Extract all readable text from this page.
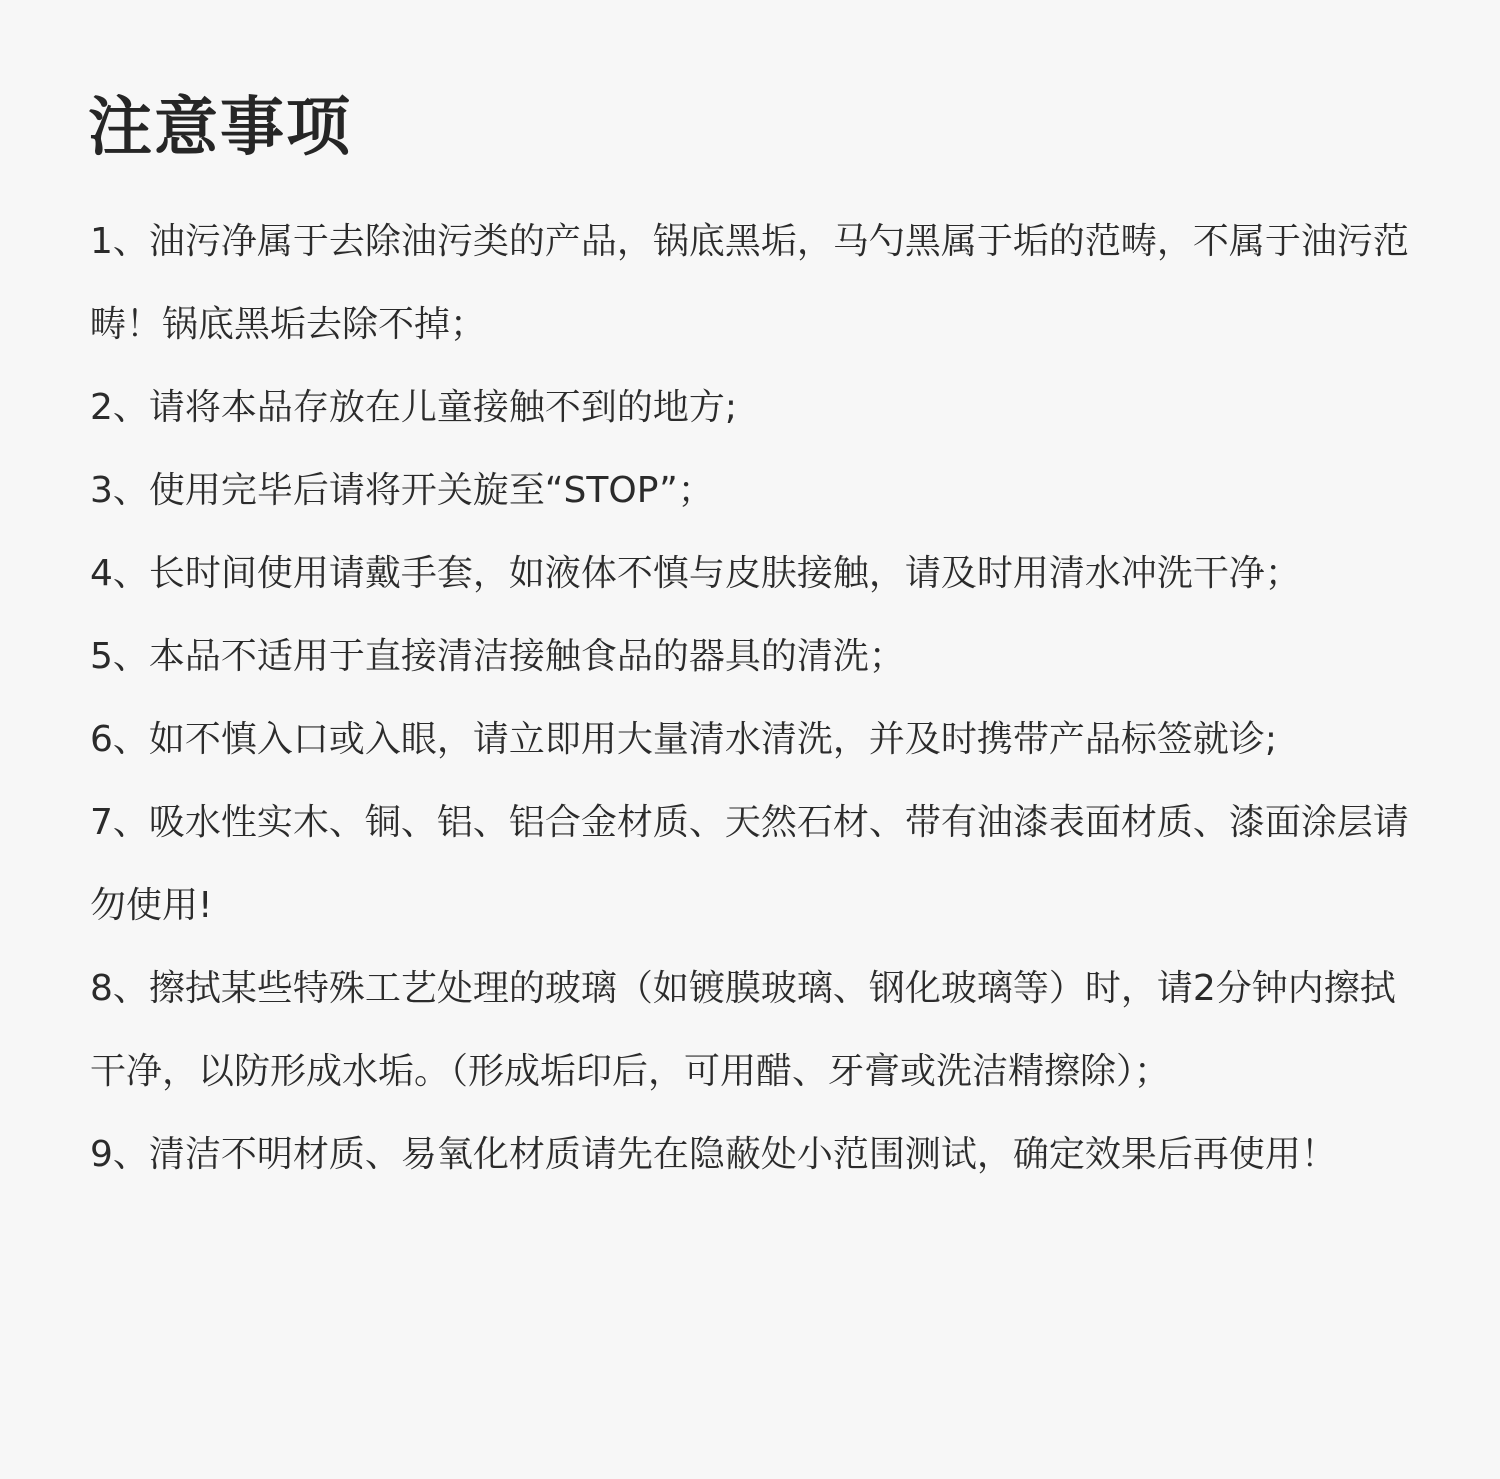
注意事项
1、油污净属于去除油污类的产品，锅底黑垢，马勺黑属于垢的范畴，不属于油污范畴！锅底黑垢去除不掉；
2、请将本品存放在儿童接触不到的地方;
3、使用完毕后请将开关旋至“STOP”；
4、长时间使用请戴手套，如液体不慎与皮肤接触，请及时用清水冲洗干净；
5、本品不适用于直接清洁接触食品的器具的清洗；
6、如不慎入口或入眼，请立即用大量清水清洗，并及时携带产品标签就诊;
7、吸水性实木、铜、铝、铝合金材质、天然石材、带有油漆表面材质、漆面涂层请勿使用!
8、擦拭某些特殊工艺处理的玻璃（如镀膜玻璃、钢化玻璃等）时，请2分钟内擦拭干净，以防形成水垢。（形成垢印后，可用醋、牙膏或洗洁精擦除）；
9、清洁不明材质、易氧化材质请先在隐蔽处小范围测试，确定效果后再使用！
